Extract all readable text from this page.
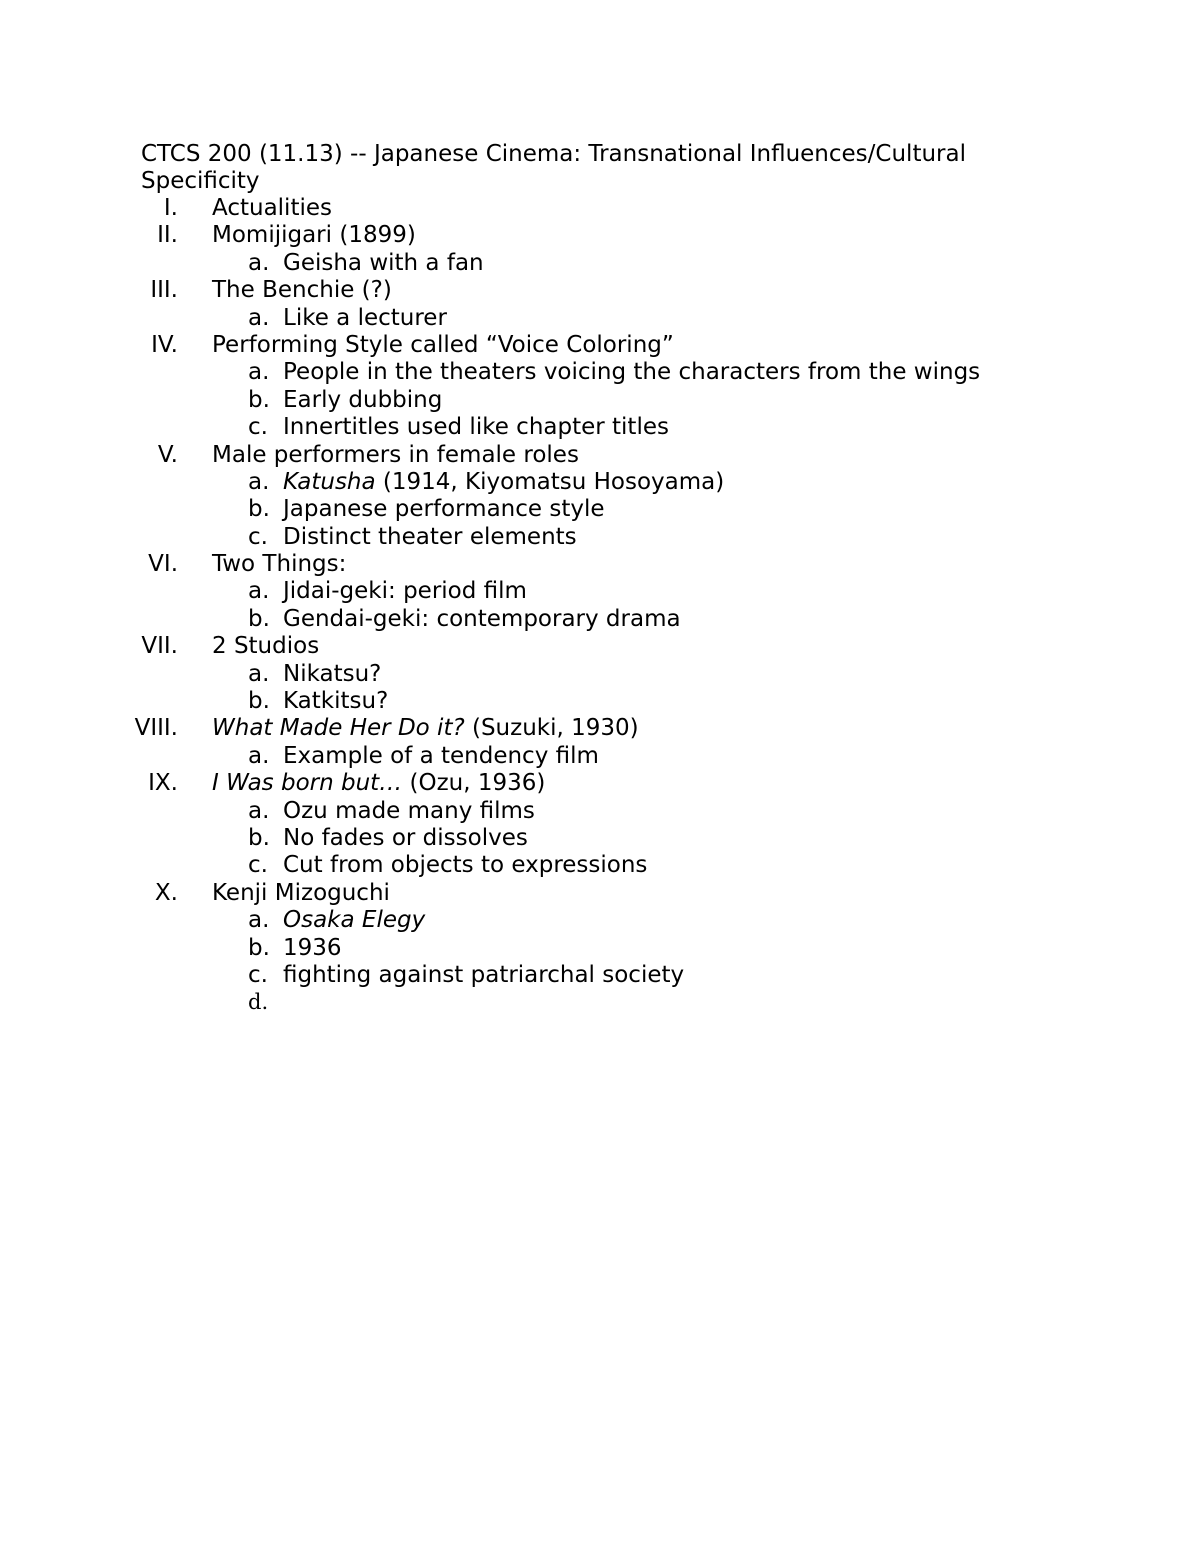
CTCS 200 (11.13) -- Japanese Cinema: Transnational Influences/Cultural Specificity
I. Actualities
II. Momijigari (1899)
a. Geisha with a fan
III. The Benchie (?)
a. Like a lecturer
IV. Performing Style called “Voice Coloring”
a. People in the theaters voicing the characters from the wings
b. Early dubbing
c. Innertitles used like chapter titles
V. Male performers in female roles
a. Katusha (1914, Kiyomatsu Hosoyama)
b. Japanese performance style
c. Distinct theater elements
VI. Two Things:
a. Jidai-geki: period film
b. Gendai-geki: contemporary drama
VII. 2 Studios
a. Nikatsu?
b. Katkitsu?
VIII. What Made Her Do it? (Suzuki, 1930)
a. Example of a tendency film
IX. I Was born but… (Ozu, 1936)
a. Ozu made many films
b. No fades or dissolves
c. Cut from objects to expressions
X. Kenji Mizoguchi
a. Osaka Elegy
b. 1936
c. fighting against patriarchal society
d.
